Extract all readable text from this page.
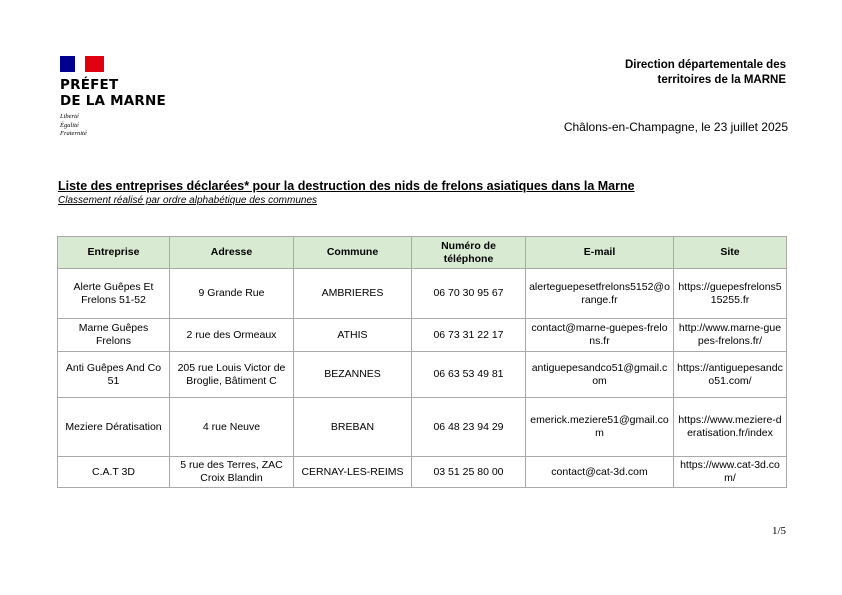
PRÉFET
DE LA MARNE
Liberté
Égalité
Fraternité
Direction départementale des
territoires de la MARNE
Châlons-en-Champagne, le 23 juillet 2025
Liste des entreprises déclarées* pour la destruction des nids de frelons asiatiques dans la Marne
Classement réalisé par ordre alphabétique des communes
Entreprise	Adresse	Commune	Numéro de téléphone	E-mail	Site
Alerte Guêpes Et Frelons 51-52	9 Grande Rue	AMBRIERES	06 70 30 95 67	alerteguepesetfrelons5152@orange.fr	https://guepesfrelons515255.fr
Marne Guêpes Frelons	2 rue des Ormeaux	ATHIS	06 73 31 22 17	contact@marne-guepes-frelons.fr	http://www.marne-guepes-frelons.fr/
Anti Guêpes And Co 51	205 rue Louis Victor de Broglie, Bâtiment C	BEZANNES	06 63 53 49 81	antiguepesandco51@gmail.com	https://antiguepesandco51.com/
Meziere Dératisation	4 rue Neuve	BREBAN	06 48 23 94 29	emerick.meziere51@gmail.com	https://www.meziere-deratisation.fr/index
C.A.T 3D	5 rue des Terres, ZAC Croix Blandin	CERNAY-LES-REIMS	03 51 25 80 00	contact@cat-3d.com	https://www.cat-3d.com/
1/5
